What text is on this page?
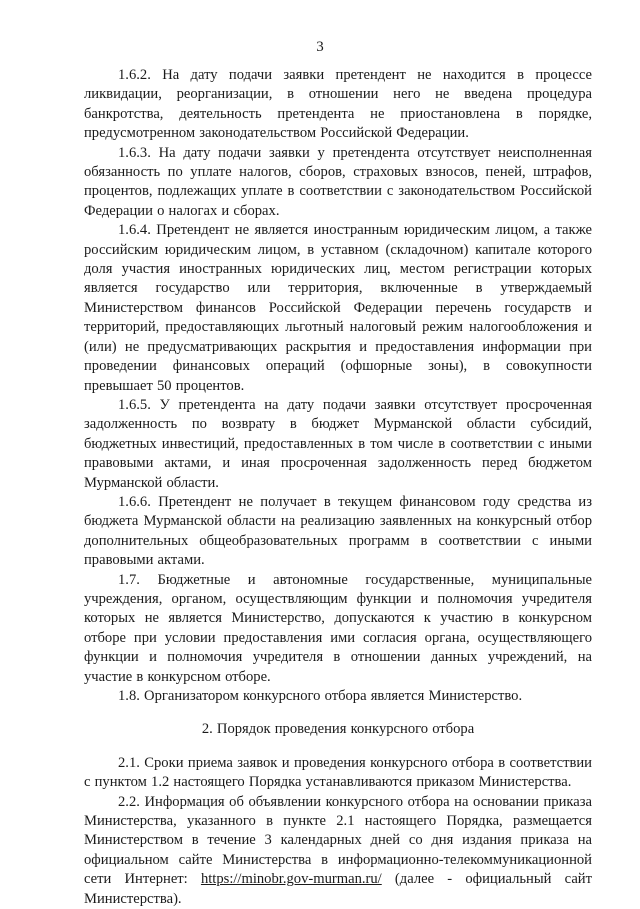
3

1.6.2. На дату подачи заявки претендент не находится в процессе ликвидации, реорганизации, в отношении него не введена процедура банкротства, деятельность претендента не приостановлена в порядке, предусмотренном законодательством Российской Федерации.

1.6.3. На дату подачи заявки у претендента отсутствует неисполненная обязанность по уплате налогов, сборов, страховых взносов, пеней, штрафов, процентов, подлежащих уплате в соответствии с законодательством Российской Федерации о налогах и сборах.

1.6.4. Претендент не является иностранным юридическим лицом, а также российским юридическим лицом, в уставном (складочном) капитале которого доля участия иностранных юридических лиц, местом регистрации которых является государство или территория, включенные в утверждаемый Министерством финансов Российской Федерации перечень государств и территорий, предоставляющих льготный налоговый режим налогообложения и (или) не предусматривающих раскрытия и предоставления информации при проведении финансовых операций (офшорные зоны), в совокупности превышает 50 процентов.

1.6.5. У претендента на дату подачи заявки отсутствует просроченная задолженность по возврату в бюджет Мурманской области субсидий, бюджетных инвестиций, предоставленных в том числе в соответствии с иными правовыми актами, и иная просроченная задолженность перед бюджетом Мурманской области.

1.6.6. Претендент не получает в текущем финансовом году средства из бюджета Мурманской области на реализацию заявленных на конкурсный отбор дополнительных общеобразовательных программ в соответствии с иными правовыми актами.

1.7. Бюджетные и автономные государственные, муниципальные учреждения, органом, осуществляющим функции и полномочия учредителя которых не является Министерство, допускаются к участию в конкурсном отборе при условии предоставления ими согласия органа, осуществляющего функции и полномочия учредителя в отношении данных учреждений, на участие в конкурсном отборе.

1.8. Организатором конкурсного отбора является Министерство.

2. Порядок проведения конкурсного отбора

2.1. Сроки приема заявок и проведения конкурсного отбора в соответствии с пунктом 1.2 настоящего Порядка устанавливаются приказом Министерства.

2.2. Информация об объявлении конкурсного отбора на основании приказа Министерства, указанного в пункте 2.1 настоящего Порядка, размещается Министерством в течение 3 календарных дней со дня издания приказа на официальном сайте Министерства в информационно-телекоммуникационной сети Интернет: https://minobr.gov-murman.ru/ (далее - официальный сайт Министерства).
